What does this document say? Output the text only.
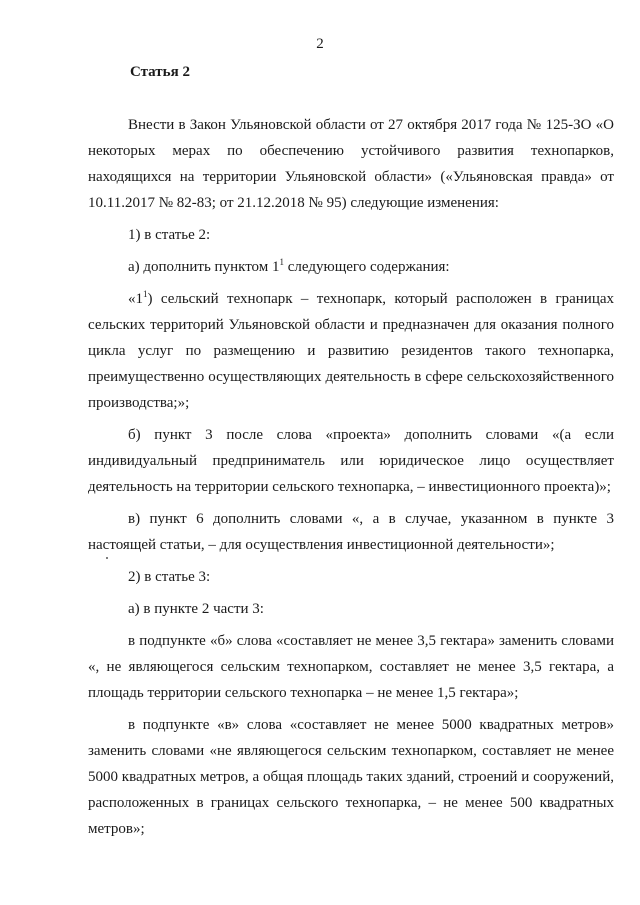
2
Статья 2

Внести в Закон Ульяновской области от 27 октября 2017 года № 125-ЗО «О некоторых мерах по обеспечению устойчивого развития технопарков, находящихся на территории Ульяновской области» («Ульяновская правда» от 10.11.2017 № 82-83; от 21.12.2018 № 95) следующие изменения:

1) в статье 2:

а) дополнить пунктом $1^1$ следующего содержания:

«$1^1$) сельский технопарк – технопарк, который расположен в границах сельских территорий Ульяновской области и предназначен для оказания полного цикла услуг по размещению и развитию резидентов такого технопарка, преимущественно осуществляющих деятельность в сфере сельскохозяйственного производства;»;

б) пункт 3 после слова «проекта» дополнить словами «(а если индивидуальный предприниматель или юридическое лицо осуществляет деятельность на территории сельского технопарка, – инвестиционного проекта)»;

в) пункт 6 дополнить словами «, а в случае, указанном в пункте 3 настоящей статьи, – для осуществления инвестиционной деятельности»;

2) в статье 3:

а) в пункте 2 части 3:

в подпункте «б» слова «составляет не менее 3,5 гектара» заменить словами «, не являющегося сельским технопарком, составляет не менее 3,5 гектара, а площадь территории сельского технопарка – не менее 1,5 гектара»;

в подпункте «в» слова «составляет не менее 5000 квадратных метров» заменить словами «не являющегося сельским технопарком, составляет не менее 5000 квадратных метров, а общая площадь таких зданий, строений и сооружений, расположенных в границах сельского технопарка, – не менее 500 квадратных метров»;
